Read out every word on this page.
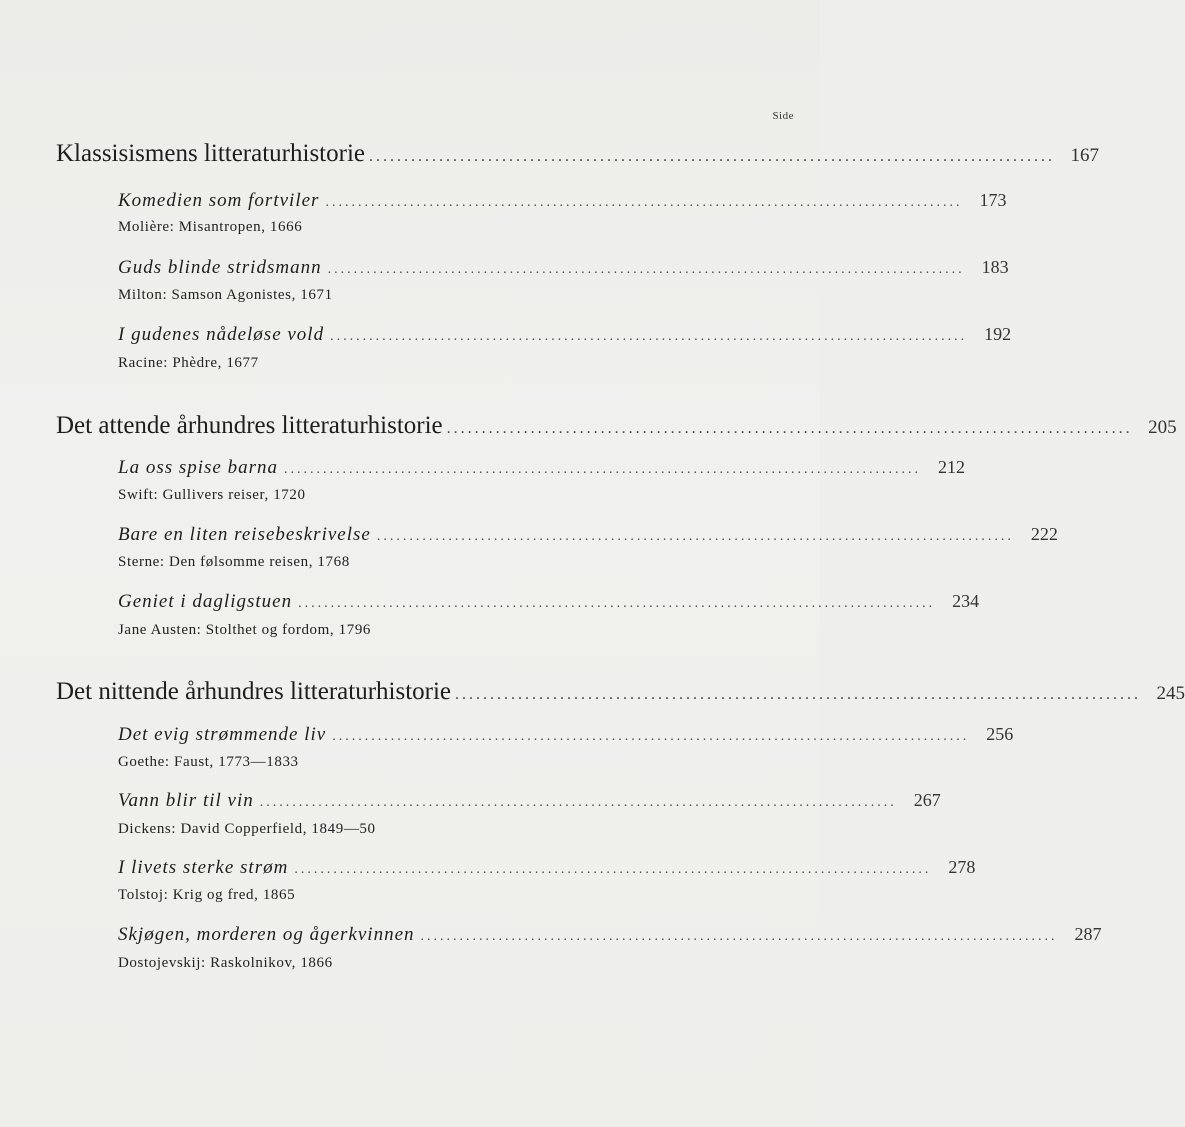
Side
Klassisismens litteraturhistorie .................................................................................................. 167
Komedien som fortviler .................................................................................................. 173
Molière: Misantropen, 1666
Guds blinde stridsmann .................................................................................................. 183
Milton: Samson Agonistes, 1671
I gudenes nådeløse vold .................................................................................................. 192
Racine: Phèdre, 1677
Det attende århundres litteraturhistorie .................................................................................................. 205
La oss spise barna .................................................................................................. 212
Swift: Gullivers reiser, 1720
Bare en liten reisebeskrivelse .................................................................................................. 222
Sterne: Den følsomme reisen, 1768
Geniet i dagligstuen .................................................................................................. 234
Jane Austen: Stolthet og fordom, 1796
Det nittende århundres litteraturhistorie .................................................................................................. 245
Det evig strømmende liv .................................................................................................. 256
Goethe: Faust, 1773—1833
Vann blir til vin .................................................................................................. 267
Dickens: David Copperfield, 1849—50
I livets sterke strøm .................................................................................................. 278
Tolstoj: Krig og fred, 1865
Skjøgen, morderen og ågerkvinnen .................................................................................................. 287
Dostojevskij: Raskolnikov, 1866
